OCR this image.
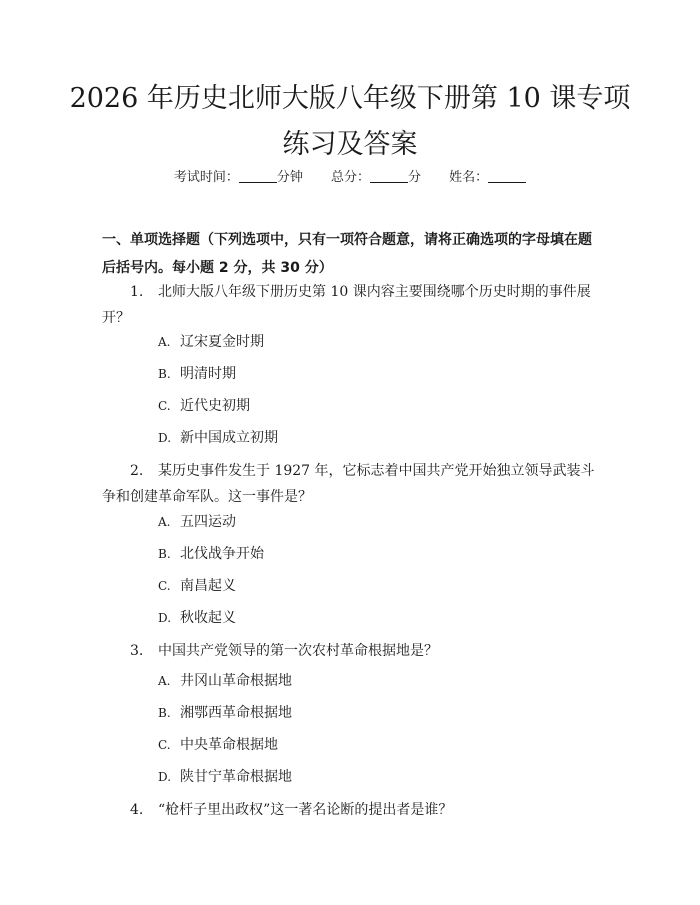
2026 年历史北师大版八年级下册第 10 课专项练习及答案
考试时间：	分钟 总分：	分 姓名：
一、单项选择题（下列选项中，只有一项符合题意，请将正确选项的字母填在题后括号内。每小题 2 分，共 30 分）
1. 北师大版八年级下册历史第 10 课内容主要围绕哪个历史时期的事件展开？
A. 辽宋夏金时期
B. 明清时期
C. 近代史初期
D. 新中国成立初期
2. 某历史事件发生于 1927 年，它标志着中国共产党开始独立领导武装斗争和创建革命军队。这一事件是？
A. 五四运动
B. 北伐战争开始
C. 南昌起义
D. 秋收起义
3. 中国共产党领导的第一次农村革命根据地是？
A. 井冈山革命根据地
B. 湘鄂西革命根据地
C. 中央革命根据地
D. 陕甘宁革命根据地
4. “枪杆子里出政权”这一著名论断的提出者是谁？
